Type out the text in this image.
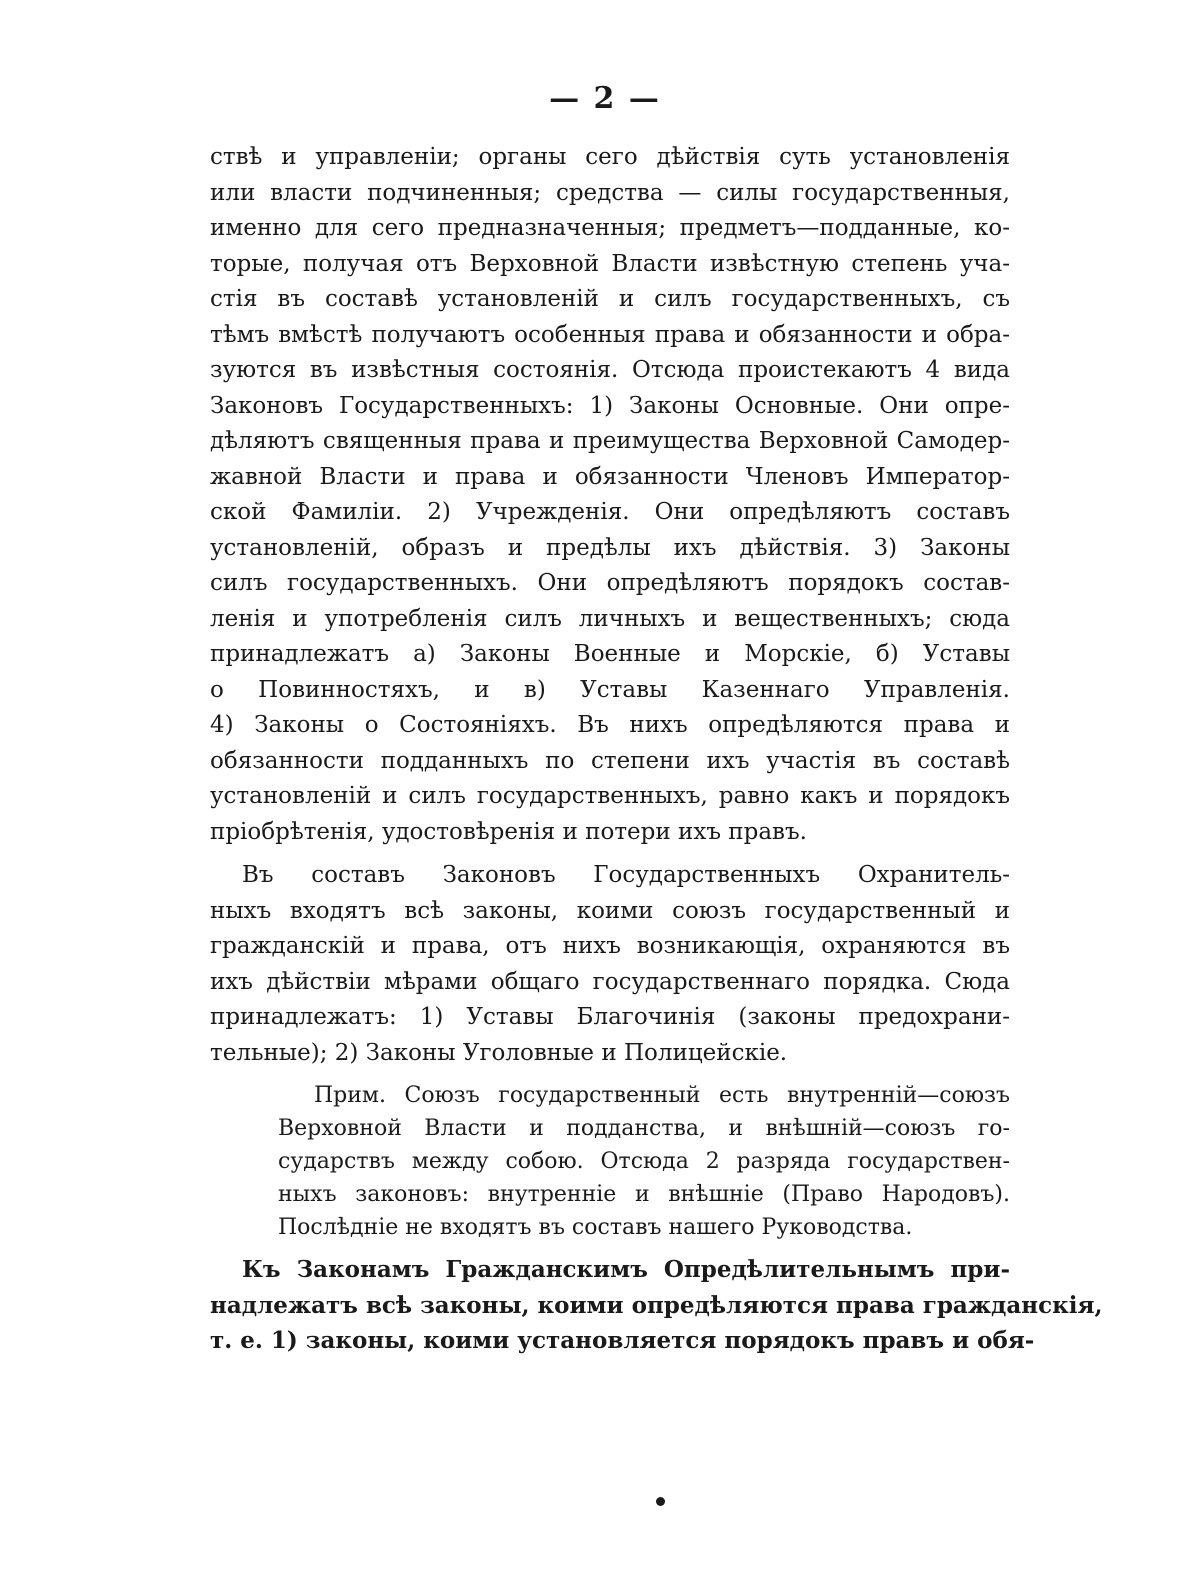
— 2 —
ствѣ и управленіи; органы сего дѣйствія суть установленія
или власти подчиненныя; средства — силы государственныя,
именно для сего предназначенныя; предметъ—подданные, ко-
торые, получая отъ Верховной Власти извѣстную степень уча-
стія въ составѣ установленій и силъ государственныхъ, съ
тѣмъ вмѣстѣ получаютъ особенныя права и обязанности и обра-
зуются въ извѣстныя состоянія. Отсюда проистекаютъ 4 вида
Законовъ Государственныхъ: 1) Законы Основные. Они опре-
дѣляютъ священныя права и преимущества Верховной Самодер-
жавной Власти и права и обязанности Членовъ Император-
ской Фамиліи. 2) Учрежденія. Они опредѣляютъ составъ
установленій, образъ и предѣлы ихъ дѣйствія. 3) Законы
силъ государственныхъ. Они опредѣляютъ порядокъ состав-
ленія и употребленія силъ личныхъ и вещественныхъ; сюда
принадлежатъ а) Законы Военные и Морскіе, б) Уставы
о Повинностяхъ, и в) Уставы Казеннаго Управленія.
4) Законы о Состояніяхъ. Въ нихъ опредѣляются права и
обязанности подданныхъ по степени ихъ участія въ составѣ
установленій и силъ государственныхъ, равно какъ и порядокъ
пріобрѣтенія, удостовѣренія и потери ихъ правъ.
Въ составъ Законовъ Государственныхъ Охранитель-
ныхъ входятъ всѣ законы, коими союзъ государственный и
гражданскій и права, отъ нихъ возникающія, охраняются въ
ихъ дѣйствіи мѣрами общаго государственнаго порядка. Сюда
принадлежатъ: 1) Уставы Благочинія (законы предохрани-
тельные); 2) Законы Уголовные и Полицейскіе.
Прим. Союзъ государственный есть внутренній—союзъ
Верховной Власти и подданства, и внѣшній—союзъ го-
сударствъ между собою. Отсюда 2 разряда государствен-
ныхъ законовъ: внутренніе и внѣшніе (Право Народовъ).
Послѣдніе не входятъ въ составъ нашего Руководства.
Къ Законамъ Гражданскимъ Опредѣлительнымъ при-
надлежатъ всѣ законы, коими опредѣляются права гражданскія,
т. е. 1) законы, коими установляется порядокъ правъ и обя-
